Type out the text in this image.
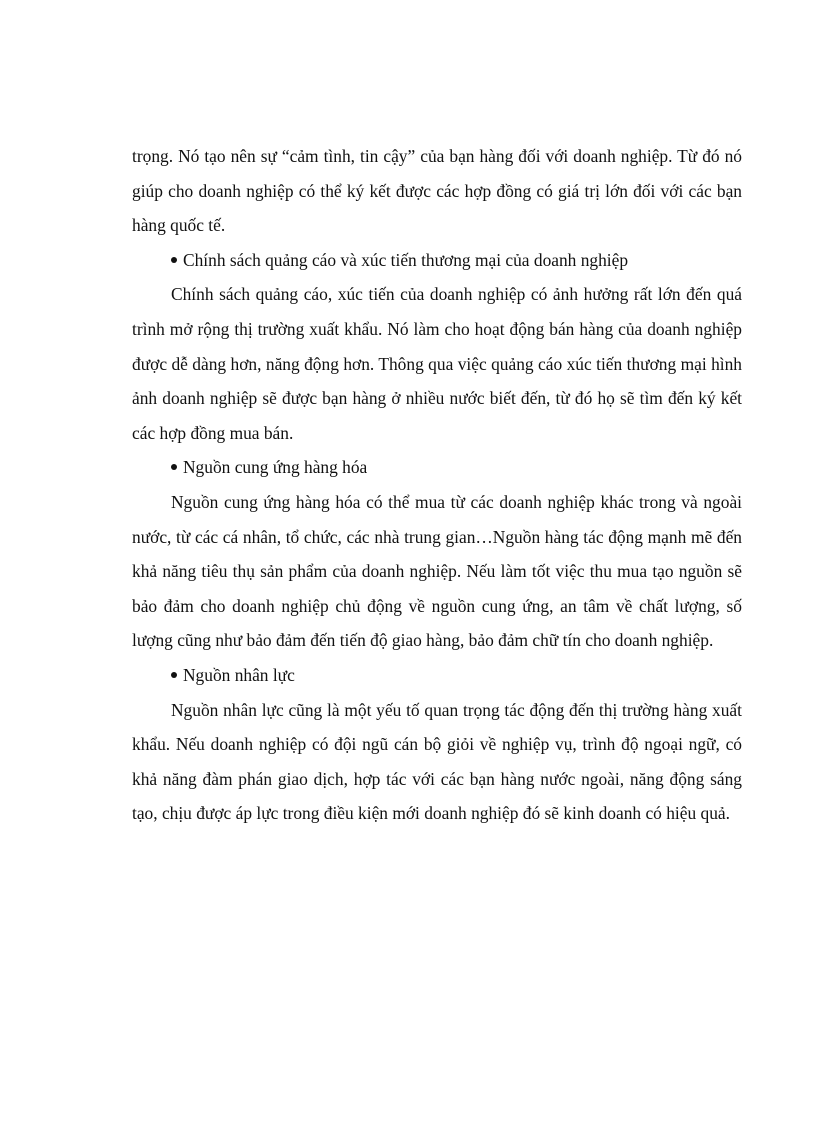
trọng. Nó tạo nên sự “cảm tình, tin cậy” của bạn hàng đối với doanh nghiệp. Từ đó nó giúp cho doanh nghiệp có thể ký kết được các hợp đồng có giá trị lớn đối với các bạn hàng quốc tế.

Chính sách quảng cáo và xúc tiến thương mại của doanh nghiệp

Chính sách quảng cáo, xúc tiến của doanh nghiệp có ảnh hưởng rất lớn đến quá trình mở rộng thị trường xuất khẩu. Nó làm cho hoạt động bán hàng của doanh nghiệp được dễ dàng hơn, năng động hơn. Thông qua việc quảng cáo xúc tiến thương mại hình ảnh doanh nghiệp sẽ được bạn hàng ở nhiều nước biết đến, từ đó họ sẽ tìm đến ký kết các hợp đồng mua bán.

Nguồn cung ứng hàng hóa

Nguồn cung ứng hàng hóa có thể mua từ các doanh nghiệp khác trong và ngoài nước, từ các cá nhân, tổ chức, các nhà trung gian…Nguồn hàng tác động mạnh mẽ đến khả năng tiêu thụ sản phẩm của doanh nghiệp. Nếu làm tốt việc thu mua tạo nguồn sẽ bảo đảm cho doanh nghiệp chủ động về nguồn cung ứng, an tâm về chất lượng, số lượng cũng như bảo đảm đến tiến độ giao hàng, bảo đảm chữ tín cho doanh nghiệp.

Nguồn nhân lực

Nguồn nhân lực cũng là một yếu tố quan trọng tác động đến thị trường hàng xuất khẩu. Nếu doanh nghiệp có đội ngũ cán bộ giỏi về nghiệp vụ, trình độ ngoại ngữ, có khả năng đàm phán giao dịch, hợp tác với các bạn hàng nước ngoài, năng động sáng tạo, chịu được áp lực trong điều kiện mới doanh nghiệp đó sẽ kinh doanh có hiệu quả.
